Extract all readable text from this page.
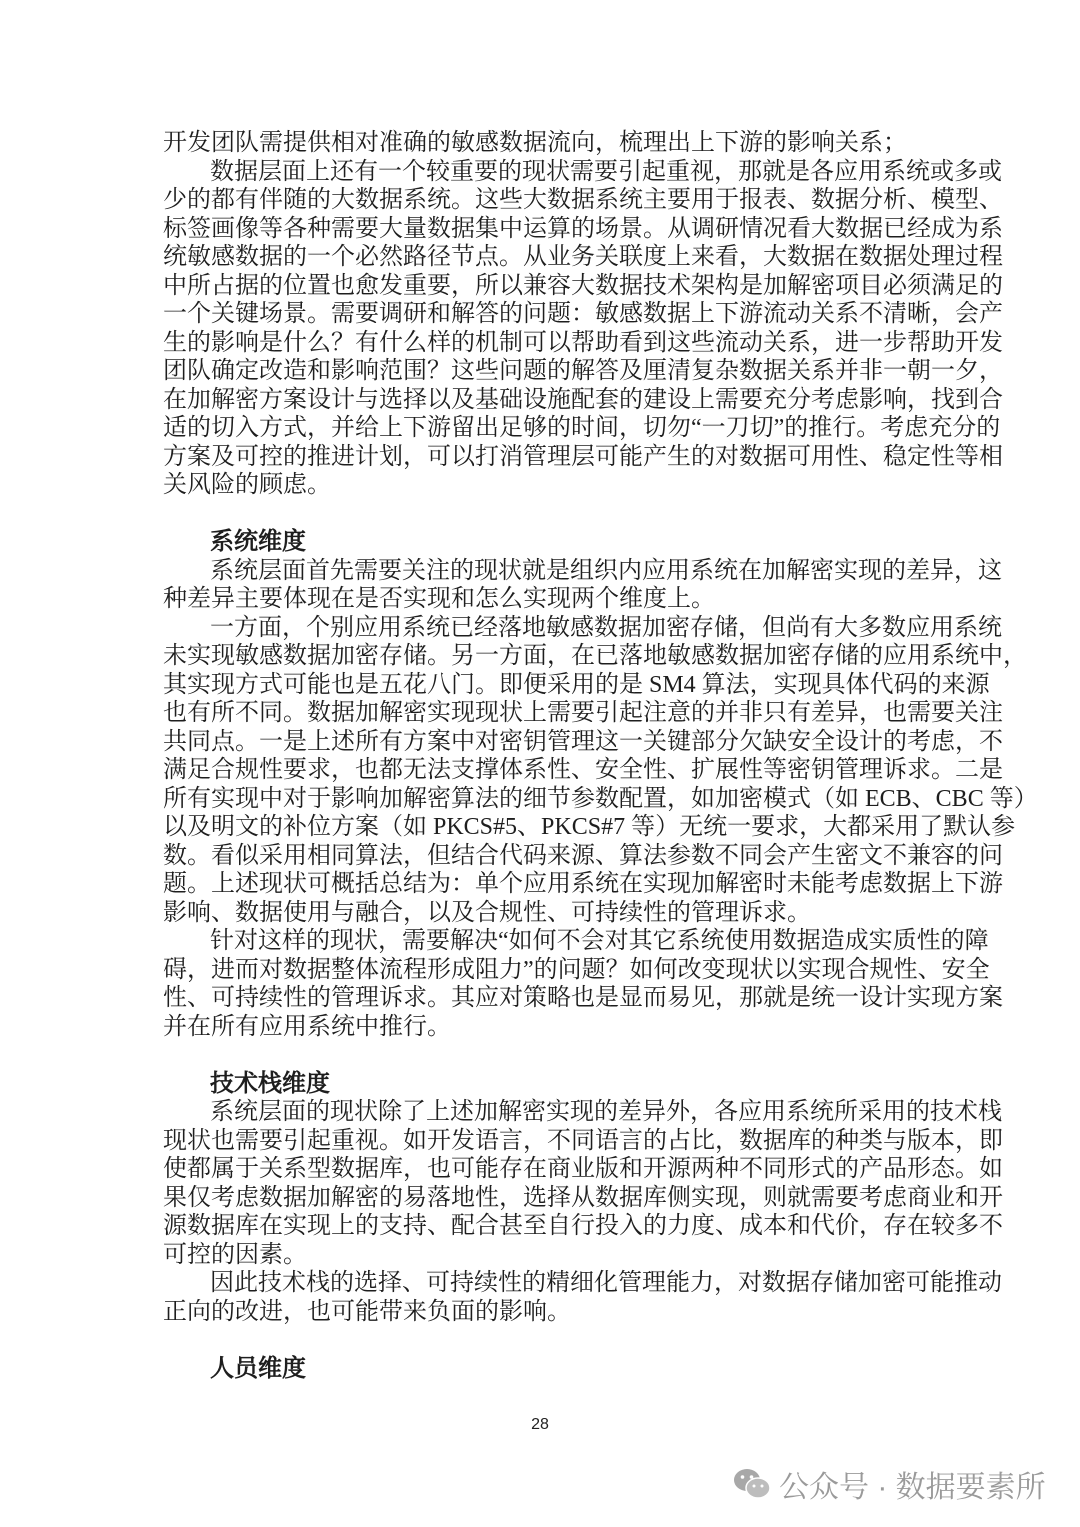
开发团队需提供相对准确的敏感数据流向，梳理出上下游的影响关系；
数据层面上还有一个较重要的现状需要引起重视，那就是各应用系统或多或
少的都有伴随的大数据系统。这些大数据系统主要用于报表、数据分析、模型、
标签画像等各种需要大量数据集中运算的场景。从调研情况看大数据已经成为系
统敏感数据的一个必然路径节点。从业务关联度上来看，大数据在数据处理过程
中所占据的位置也愈发重要，所以兼容大数据技术架构是加解密项目必须满足的
一个关键场景。需要调研和解答的问题：敏感数据上下游流动关系不清晰，会产
生的影响是什么？有什么样的机制可以帮助看到这些流动关系，进一步帮助开发
团队确定改造和影响范围？这些问题的解答及厘清复杂数据关系并非一朝一夕，
在加解密方案设计与选择以及基础设施配套的建设上需要充分考虑影响，找到合
适的切入方式，并给上下游留出足够的时间，切勿“一刀切”的推行。考虑充分的
方案及可控的推进计划，可以打消管理层可能产生的对数据可用性、稳定性等相
关风险的顾虑。
系统维度
系统层面首先需要关注的现状就是组织内应用系统在加解密实现的差异，这
种差异主要体现在是否实现和怎么实现两个维度上。
一方面，个别应用系统已经落地敏感数据加密存储，但尚有大多数应用系统
未实现敏感数据加密存储。另一方面，在已落地敏感数据加密存储的应用系统中，
其实现方式可能也是五花八门。即便采用的是 SM4 算法，实现具体代码的来源
也有所不同。数据加解密实现现状上需要引起注意的并非只有差异，也需要关注
共同点。一是上述所有方案中对密钥管理这一关键部分欠缺安全设计的考虑，不
满足合规性要求，也都无法支撑体系性、安全性、扩展性等密钥管理诉求。二是
所有实现中对于影响加解密算法的细节参数配置，如加密模式（如 ECB、CBC 等）
以及明文的补位方案（如 PKCS#5、PKCS#7 等）无统一要求，大都采用了默认参
数。看似采用相同算法，但结合代码来源、算法参数不同会产生密文不兼容的问
题。上述现状可概括总结为：单个应用系统在实现加解密时未能考虑数据上下游
影响、数据使用与融合，以及合规性、可持续性的管理诉求。
针对这样的现状，需要解决“如何不会对其它系统使用数据造成实质性的障
碍，进而对数据整体流程形成阻力”的问题？如何改变现状以实现合规性、安全
性、可持续性的管理诉求。其应对策略也是显而易见，那就是统一设计实现方案
并在所有应用系统中推行。
技术栈维度
系统层面的现状除了上述加解密实现的差异外，各应用系统所采用的技术栈
现状也需要引起重视。如开发语言，不同语言的占比，数据库的种类与版本，即
使都属于关系型数据库，也可能存在商业版和开源两种不同形式的产品形态。如
果仅考虑数据加解密的易落地性，选择从数据库侧实现，则就需要考虑商业和开
源数据库在实现上的支持、配合甚至自行投入的力度、成本和代价，存在较多不
可控的因素。
因此技术栈的选择、可持续性的精细化管理能力，对数据存储加密可能推动
正向的改进，也可能带来负面的影响。
人员维度
28
公众号 · 数据要素所
